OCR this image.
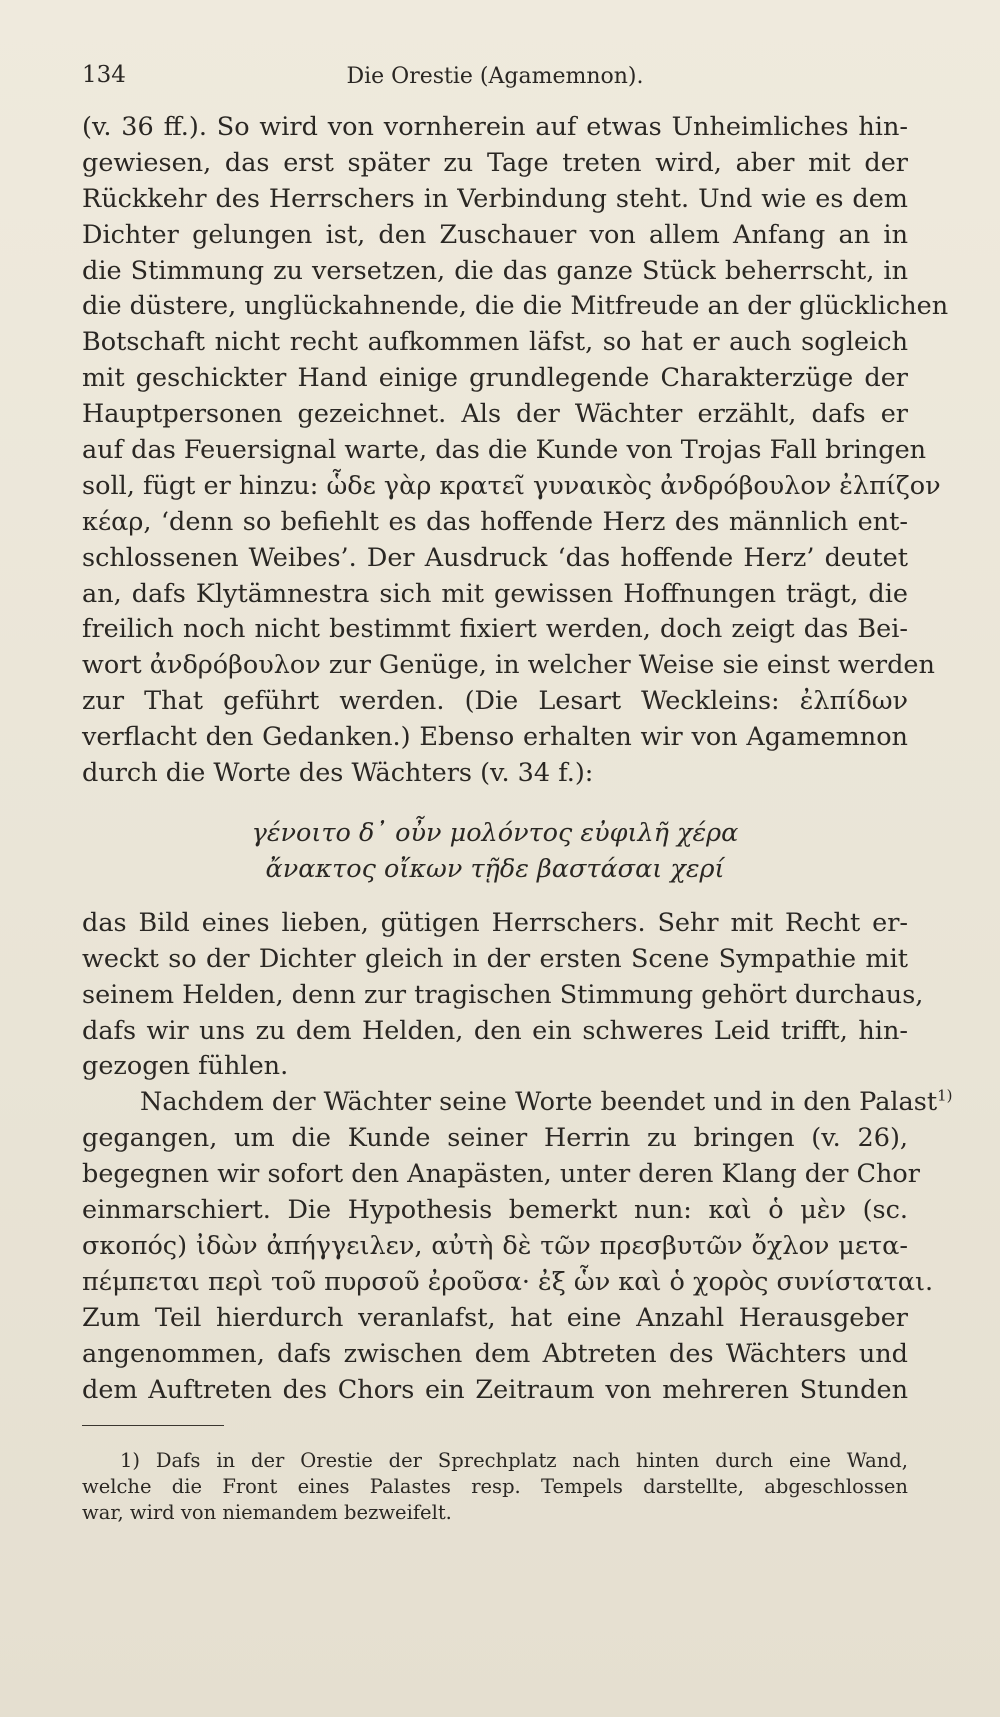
134	Die Orestie (Agamemnon).
(v. 36 ff.). So wird von vornherein auf etwas Unheimliches hin-
gewiesen, das erst später zu Tage treten wird, aber mit der
Rückkehr des Herrschers in Verbindung steht. Und wie es dem
Dichter gelungen ist, den Zuschauer von allem Anfang an in
die Stimmung zu versetzen, die das ganze Stück beherrscht, in
die düstere, unglückahnende, die die Mitfreude an der glücklichen
Botschaft nicht recht aufkommen läfst, so hat er auch sogleich
mit geschickter Hand einige grundlegende Charakterzüge der
Hauptpersonen gezeichnet. Als der Wächter erzählt, dafs er
auf das Feuersignal warte, das die Kunde von Trojas Fall bringen
soll, fügt er hinzu: ὧδε γὰρ κρατεῖ γυναικὸς ἀνδρόβουλον ἐλπίζον
κέαρ, ‘denn so befiehlt es das hoffende Herz des männlich ent-
schlossenen Weibes’. Der Ausdruck ‘das hoffende Herz’ deutet
an, dafs Klytämnestra sich mit gewissen Hoffnungen trägt, die
freilich noch nicht bestimmt fixiert werden, doch zeigt das Bei-
wort ἀνδρόβουλον zur Genüge, in welcher Weise sie einst werden
zur That geführt werden. (Die Lesart Weckleins: ἐλπίδων
verflacht den Gedanken.) Ebenso erhalten wir von Agamemnon
durch die Worte des Wächters (v. 34 f.):
γένοιτο δ᾽ οὖν μολόντος εὐφιλῆ χέρα
ἄνακτος οἴκων τῇδε βαστάσαι χερί
das Bild eines lieben, gütigen Herrschers. Sehr mit Recht er-
weckt so der Dichter gleich in der ersten Scene Sympathie mit
seinem Helden, denn zur tragischen Stimmung gehört durchaus,
dafs wir uns zu dem Helden, den ein schweres Leid trifft, hin-
gezogen fühlen.
Nachdem der Wächter seine Worte beendet und in den Palast$^{1)}$
gegangen, um die Kunde seiner Herrin zu bringen (v. 26),
begegnen wir sofort den Anapästen, unter deren Klang der Chor
einmarschiert. Die Hypothesis bemerkt nun: καὶ ὁ μὲν (sc.
σκοπός) ἰδὼν ἀπήγγειλεν, αὐτὴ δὲ τῶν πρεσβυτῶν ὄχλον μετα-
πέμπεται περὶ τοῦ πυρσοῦ ἐροῦσα· ἐξ ὧν καὶ ὁ χορὸς συνίσταται.
Zum Teil hierdurch veranlafst, hat eine Anzahl Herausgeber
angenommen, dafs zwischen dem Abtreten des Wächters und
dem Auftreten des Chors ein Zeitraum von mehreren Stunden
1) Dafs in der Orestie der Sprechplatz nach hinten durch eine Wand,
welche die Front eines Palastes resp. Tempels darstellte, abgeschlossen
war, wird von niemandem bezweifelt.
